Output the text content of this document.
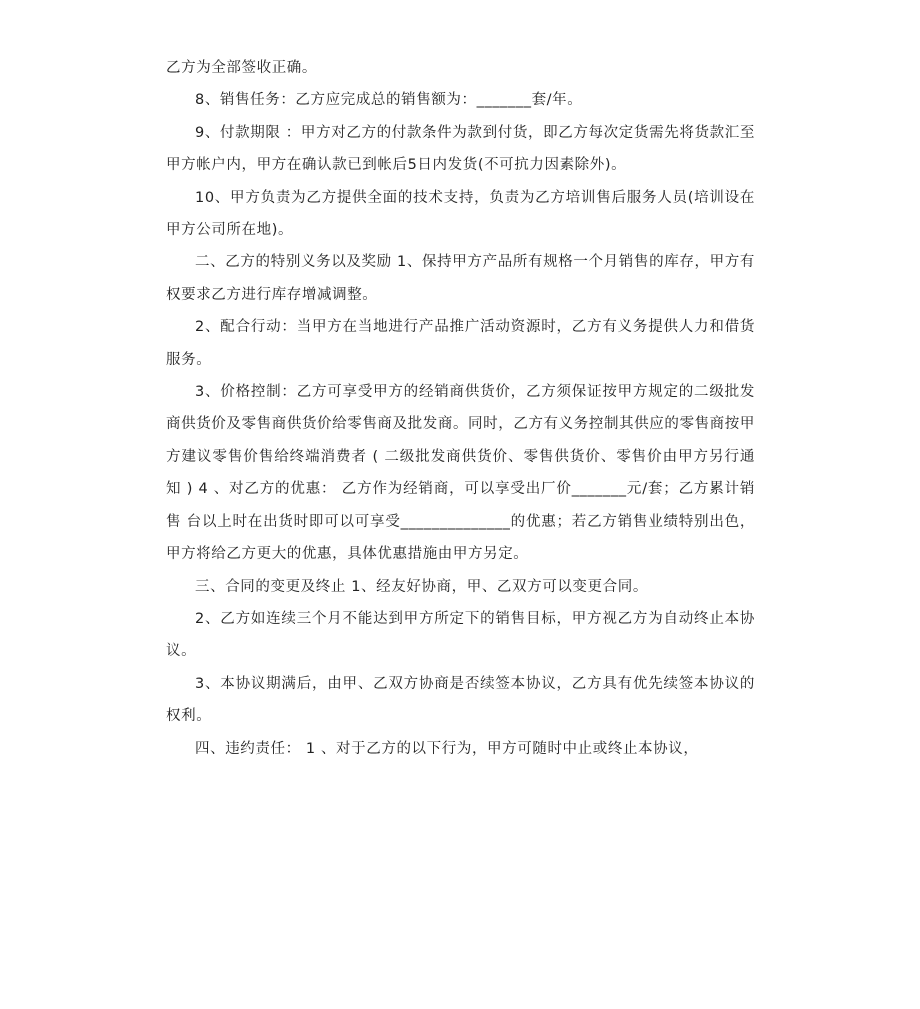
乙方为全部签收正确。

8、销售任务：乙方应完成总的销售额为：_______套/年。

9、付款期限 ：甲方对乙方的付款条件为款到付货，即乙方每次定货需先将货款汇至甲方帐户内，甲方在确认款已到帐后5日内发货(不可抗力因素除外)。

10、甲方负责为乙方提供全面的技术支持，负责为乙方培训售后服务人员(培训设在甲方公司所在地)。

二、乙方的特别义务以及奖励 1、保持甲方产品所有规格一个月销售的库存，甲方有权要求乙方进行库存增减调整。

2、配合行动：当甲方在当地进行产品推广活动资源时，乙方有义务提供人力和借货服务。

3、价格控制：乙方可享受甲方的经销商供货价，乙方须保证按甲方规定的二级批发商供货价及零售商供货价给零售商及批发商。同时，乙方有义务控制其供应的零售商按甲方建议零售价售给终端消费者 ( 二级批发商供货价、零售供货价、零售价由甲方另行通知 ) 4 、对乙方的优惠： 乙方作为经销商，可以享受出厂价_______元/套；乙方累计销售 台以上时在出货时即可以可享受______________的优惠；若乙方销售业绩特别出色，甲方将给乙方更大的优惠，具体优惠措施由甲方另定。

三、合同的变更及终止 1、经友好协商，甲、乙双方可以变更合同。

2、乙方如连续三个月不能达到甲方所定下的销售目标，甲方视乙方为自动终止本协议。

3、本协议期满后，由甲、乙双方协商是否续签本协议，乙方具有优先续签本协议的权利。

四、违约责任： 1 、对于乙方的以下行为，甲方可随时中止或终止本协议，
